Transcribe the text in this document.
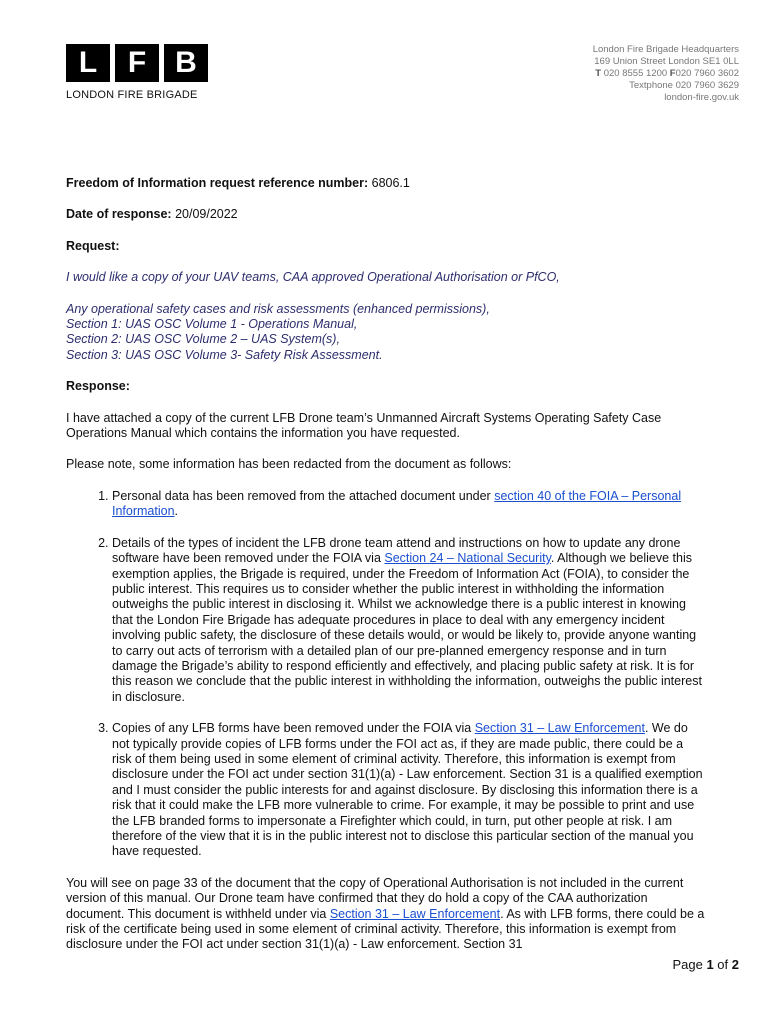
L	F B
LONDON FIRE BRIGADE
London Fire Brigade Headquarters
169 Union Street London SE1 0LL
T 020 8555 1200 F020 7960 3602
Textphone 020 7960 3629
london-fire.gov.uk

Freedom of Information request reference number: 6806.1

Date of response: 20/09/2022

Request:

I would like a copy of your UAV teams, CAA approved Operational Authorisation or PfCO,

Any operational safety cases and risk assessments (enhanced permissions),
Section 1: UAS OSC Volume 1 - Operations Manual,
Section 2: UAS OSC Volume 2 – UAS System(s),
Section 3: UAS OSC Volume 3- Safety Risk Assessment.

Response:

I have attached a copy of the current LFB Drone team’s Unmanned Aircraft Systems Operating Safety Case Operations Manual which contains the information you have requested.

Please note, some information has been redacted from the document as follows:

1. Personal data has been removed from the attached document under section 40 of the FOIA – Personal Information.
2. Details of the types of incident the LFB drone team attend and instructions on how to update any drone software have been removed under the FOIA via Section 24 – National Security. Although we believe this exemption applies, the Brigade is required, under the Freedom of Information Act (FOIA), to consider the public interest. This requires us to consider whether the public interest in withholding the information outweighs the public interest in disclosing it. Whilst we acknowledge there is a public interest in knowing that the London Fire Brigade has adequate procedures in place to deal with any emergency incident involving public safety, the disclosure of these details would, or would be likely to, provide anyone wanting to carry out acts of terrorism with a detailed plan of our pre-planned emergency response and in turn damage the Brigade’s ability to respond efficiently and effectively, and placing public safety at risk. It is for this reason we conclude that the public interest in withholding the information, outweighs the public interest in disclosure.
3. Copies of any LFB forms have been removed under the FOIA via Section 31 – Law Enforcement. We do not typically provide copies of LFB forms under the FOI act as, if they are made public, there could be a risk of them being used in some element of criminal activity. Therefore, this information is exempt from disclosure under the FOI act under section 31(1)(a) - Law enforcement. Section 31 is a qualified exemption and I must consider the public interests for and against disclosure. By disclosing this information there is a risk that it could make the LFB more vulnerable to crime. For example, it may be possible to print and use the LFB branded forms to impersonate a Firefighter which could, in turn, put other people at risk. I am therefore of the view that it is in the public interest not to disclose this particular section of the manual you have requested.

You will see on page 33 of the document that the copy of Operational Authorisation is not included in the current version of this manual. Our Drone team have confirmed that they do hold a copy of the CAA authorization document. This document is withheld under via Section 31 – Law Enforcement. As with LFB forms, there could be a risk of the certificate being used in some element of criminal activity. Therefore, this information is exempt from disclosure under the FOI act under section 31(1)(a) - Law enforcement. Section 31

Page 1 of 2
